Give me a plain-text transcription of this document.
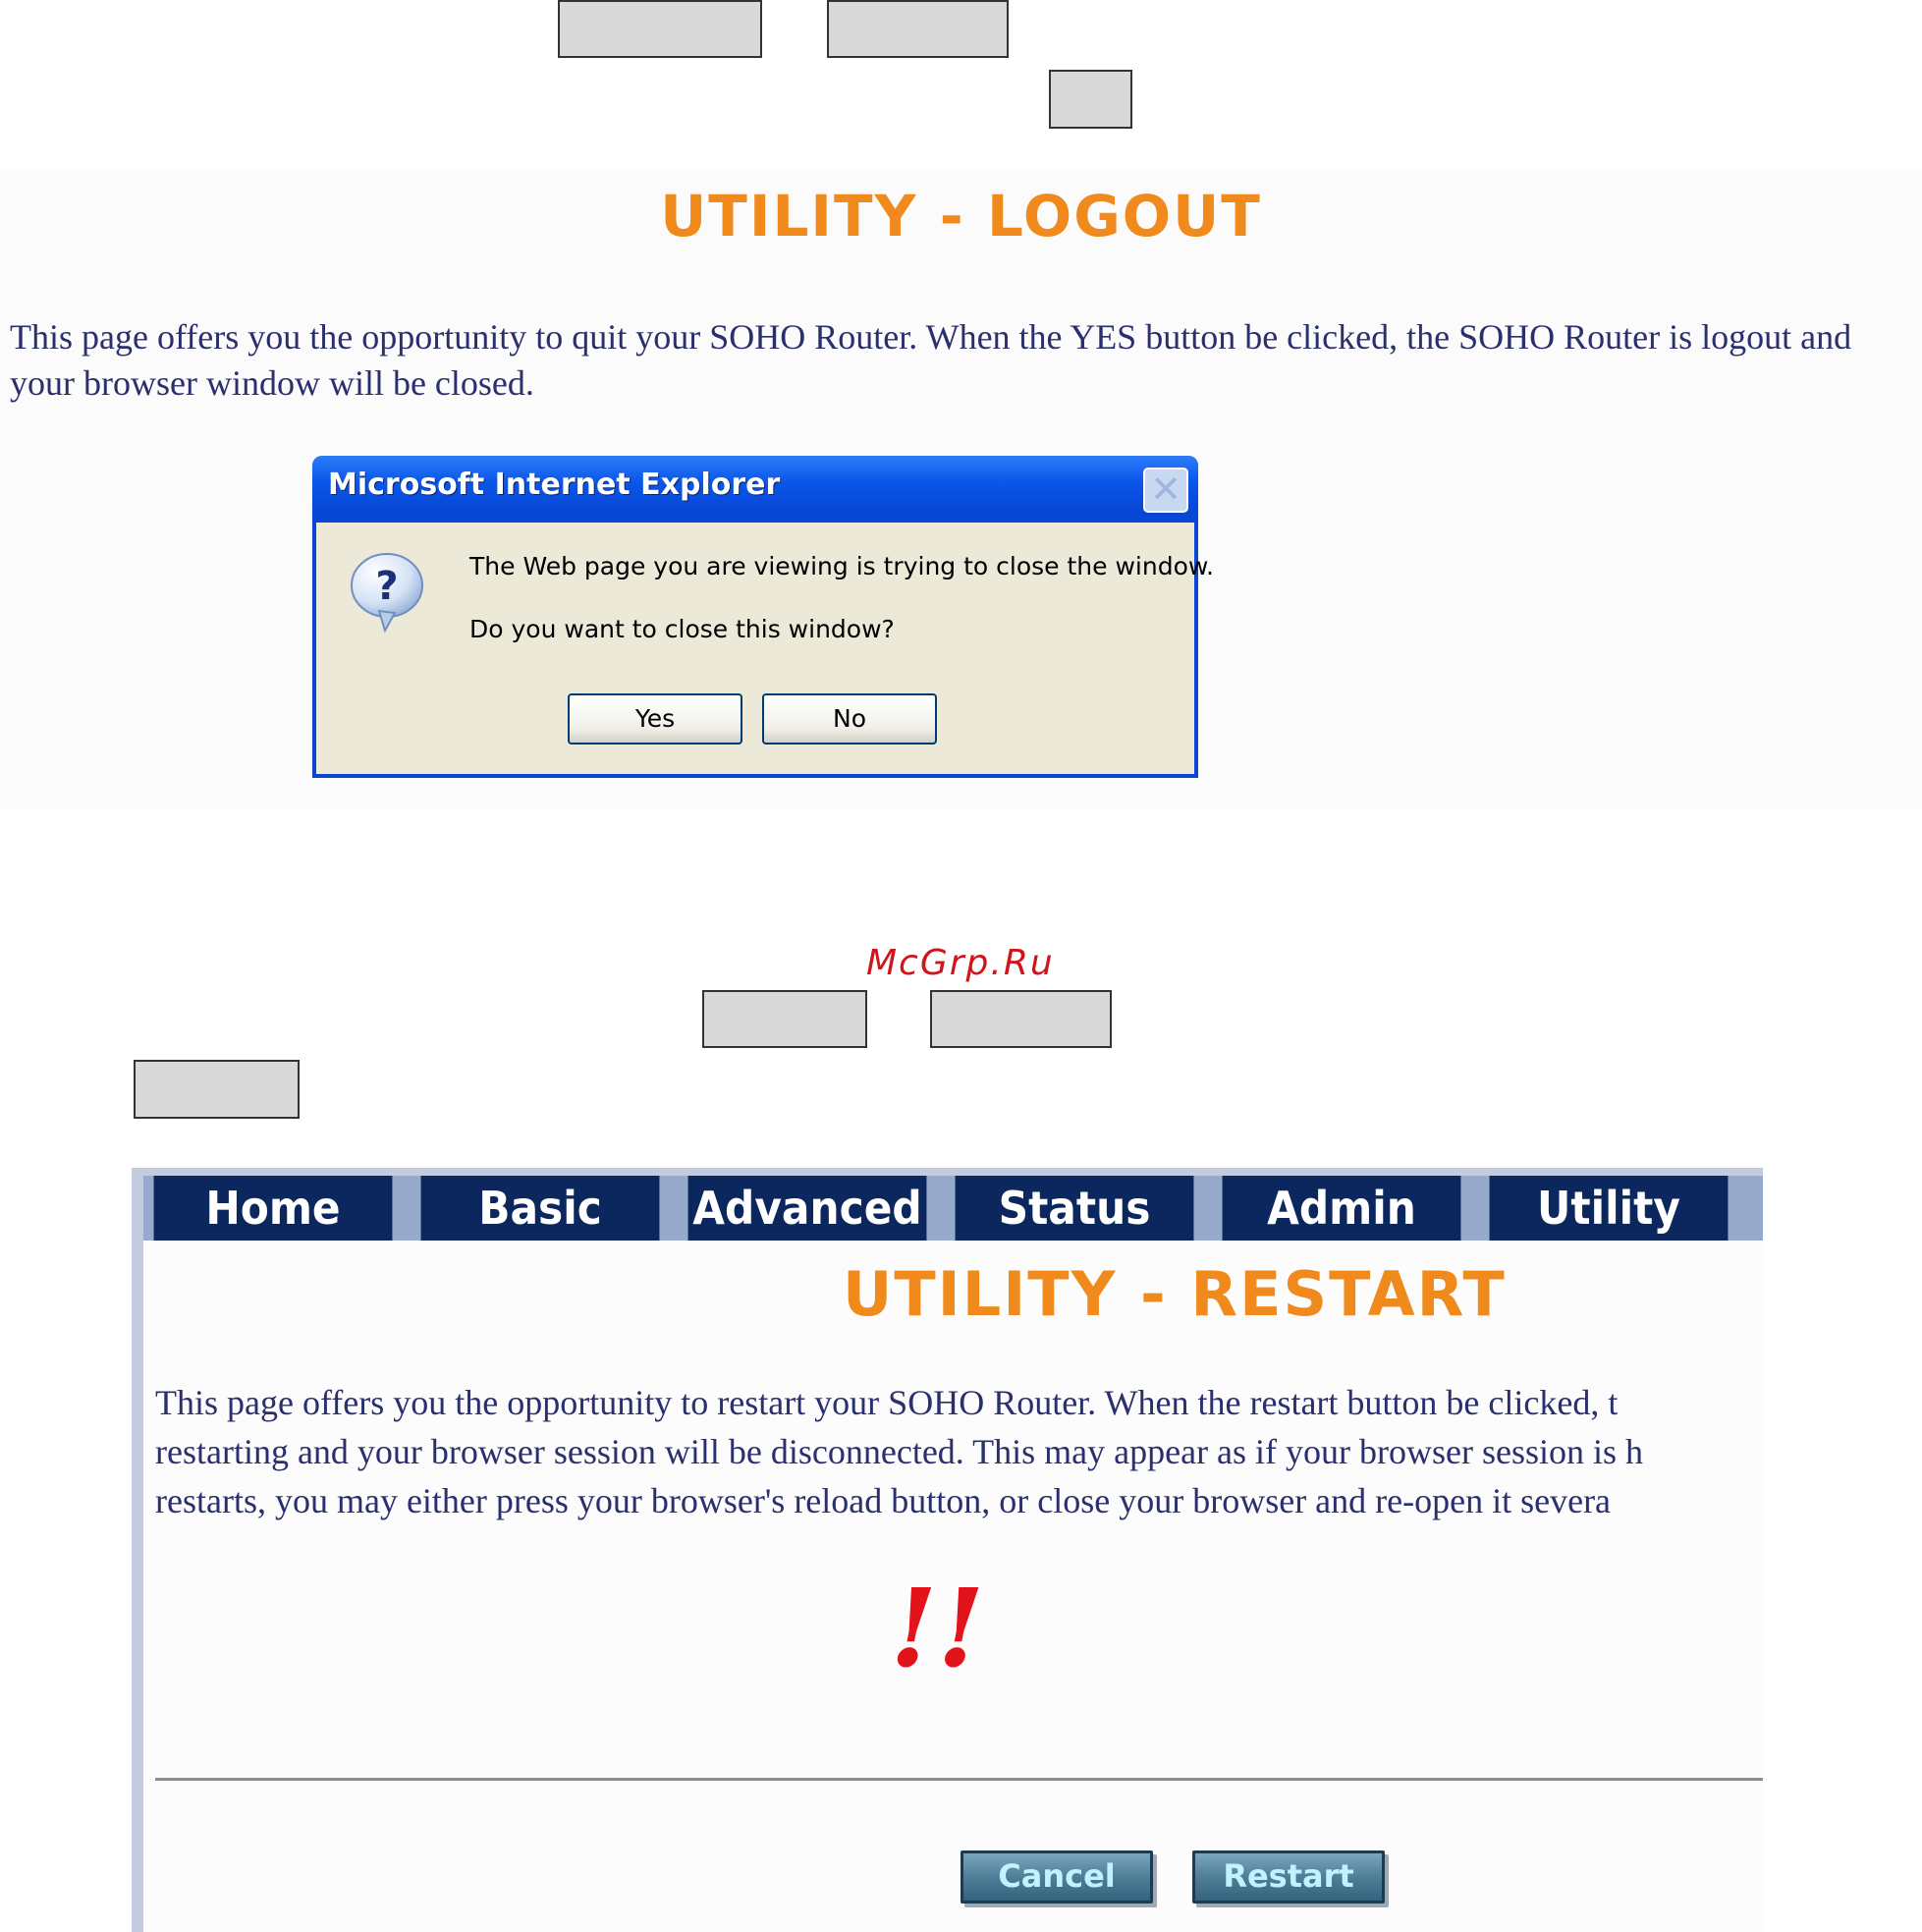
UTILITY - LOGOUT
This page offers you the opportunity to quit your SOHO Router. When the YES button be clicked, the SOHO Router is logout and your browser window will be closed.
Microsoft Internet Explorer	✕
?	The Web page you are viewing is trying to close the window.
Do you want to close this window?
Yes	No
McGrp.Ru
Home	Basic	Advanced	Status	Admin	Utility
UTILITY - RESTART
This page offers you the opportunity to restart your SOHO Router. When the restart button be clicked, t
restarting and your browser session will be disconnected. This may appear as if your browser session is h
restarts, you may either press your browser's reload button, or close your browser and re-open it severa
!!
Cancel	Restart
